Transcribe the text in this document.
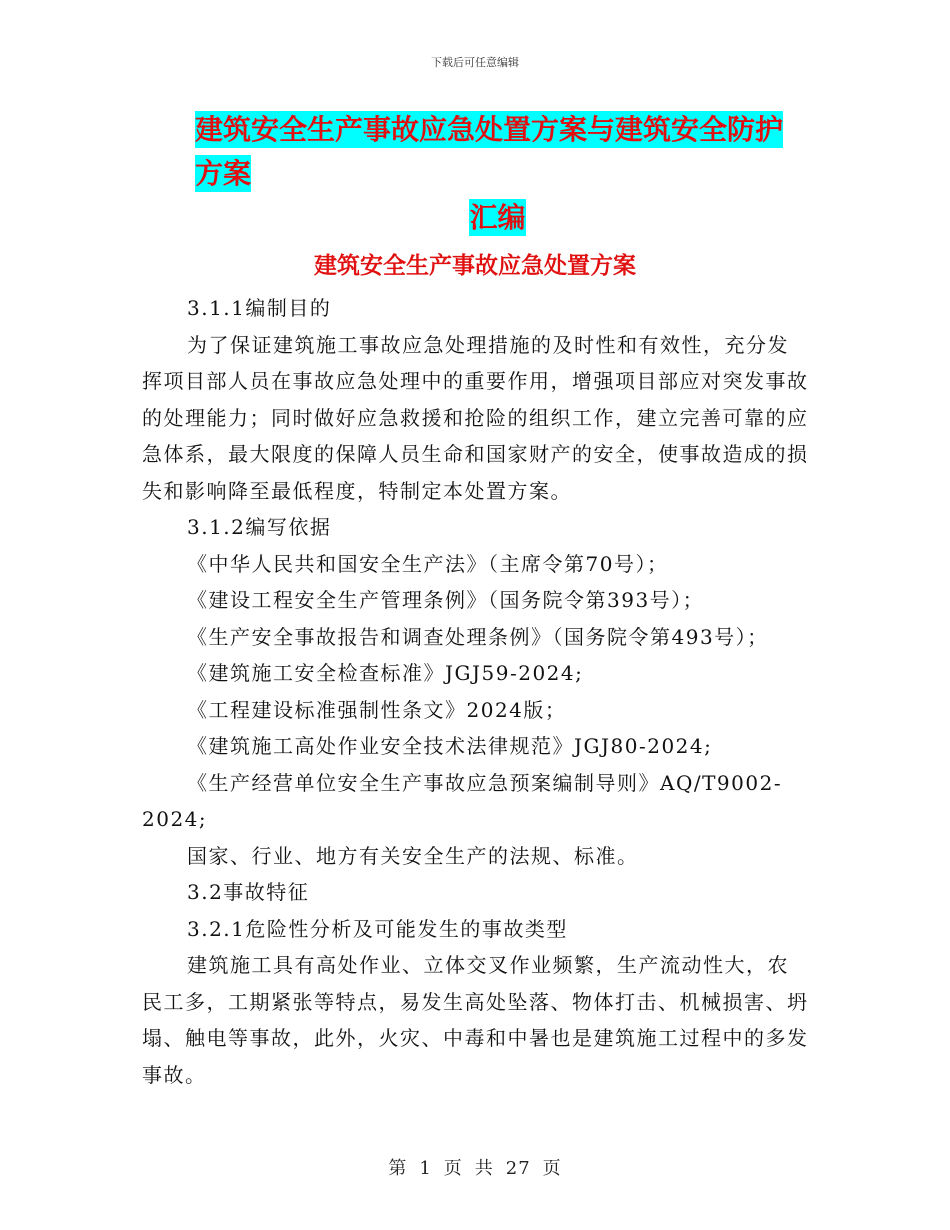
下载后可任意编辑
建筑安全生产事故应急处置方案与建筑安全防护方案
汇编
建筑安全生产事故应急处置方案

3.1.1编制目的

为了保证建筑施工事故应急处理措施的及时性和有效性，充分发挥项目部人员在事故应急处理中的重要作用，增强项目部应对突发事故的处理能力；同时做好应急救援和抢险的组织工作，建立完善可靠的应急体系，最大限度的保障人员生命和国家财产的安全，使事故造成的损失和影响降至最低程度，特制定本处置方案。

3.1.2编写依据

《中华人民共和国安全生产法》（主席令第70号）；

《建设工程安全生产管理条例》（国务院令第393号）；

《生产安全事故报告和调查处理条例》（国务院令第493号）；

《建筑施工安全检查标准》JGJ59-2024;

《工程建设标准强制性条文》2024版；

《建筑施工高处作业安全技术法律规范》JGJ80-2024;

《生产经营单位安全生产事故应急预案编制导则》AQ/T9002-2024;

国家、行业、地方有关安全生产的法规、标准。

3.2事故特征

3.2.1危险性分析及可能发生的事故类型

建筑施工具有高处作业、立体交叉作业频繁，生产流动性大，农民工多，工期紧张等特点，易发生高处坠落、物体打击、机械损害、坍塌、触电等事故，此外，火灾、中毒和中暑也是建筑施工过程中的多发事故。

第 1 页 共 27 页
